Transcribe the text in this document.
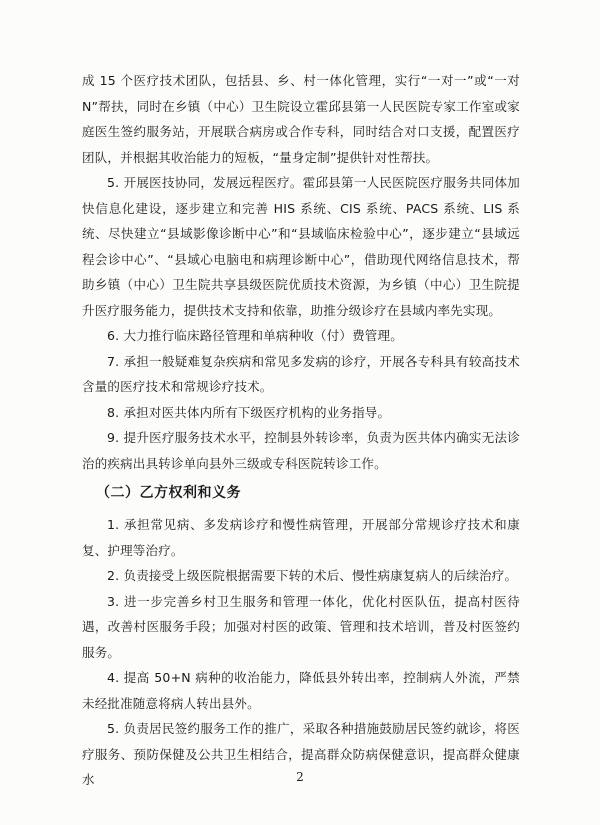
成 15 个医疗技术团队，包括县、乡、村一体化管理，实行“一对一”或“一对 N”帮扶，同时在乡镇（中心）卫生院设立霍邱县第一人民医院专家工作室或家庭医生签约服务站，开展联合病房或合作专科，同时结合对口支援，配置医疗团队，并根据其收治能力的短板，“量身定制”提供针对性帮扶。

5. 开展医技协同，发展远程医疗。霍邱县第一人民医院医疗服务共同体加快信息化建设，逐步建立和完善 HIS 系统、CIS 系统、PACS 系统、LIS 系统、尽快建立“县域影像诊断中心”和“县域临床检验中心”，逐步建立“县域远程会诊中心”、“县域心电脑电和病理诊断中心”，借助现代网络信息技术，帮助乡镇（中心）卫生院共享县级医院优质技术资源，为乡镇（中心）卫生院提升医疗服务能力，提供技术支持和依靠，助推分级诊疗在县域内率先实现。

6. 大力推行临床路径管理和单病种收（付）费管理。

7. 承担一般疑难复杂疾病和常见多发病的诊疗，开展各专科具有较高技术含量的医疗技术和常规诊疗技术。

8. 承担对医共体内所有下级医疗机构的业务指导。

9. 提升医疗服务技术水平，控制县外转诊率，负责为医共体内确实无法诊治的疾病出具转诊单向县外三级或专科医院转诊工作。

（二）乙方权利和义务

1. 承担常见病、多发病诊疗和慢性病管理，开展部分常规诊疗技术和康复、护理等治疗。

2. 负责接受上级医院根据需要下转的术后、慢性病康复病人的后续治疗。

3. 进一步完善乡村卫生服务和管理一体化，优化村医队伍，提高村医待遇，改善村医服务手段；加强对村医的政策、管理和技术培训，普及村医签约服务。

4. 提高 50+N 病种的收治能力，降低县外转出率，控制病人外流，严禁未经批准随意将病人转出县外。

5. 负责居民签约服务工作的推广，采取各种措施鼓励居民签约就诊，将医疗服务、预防保健及公共卫生相结合，提高群众防病保健意识，提高群众健康水	2
